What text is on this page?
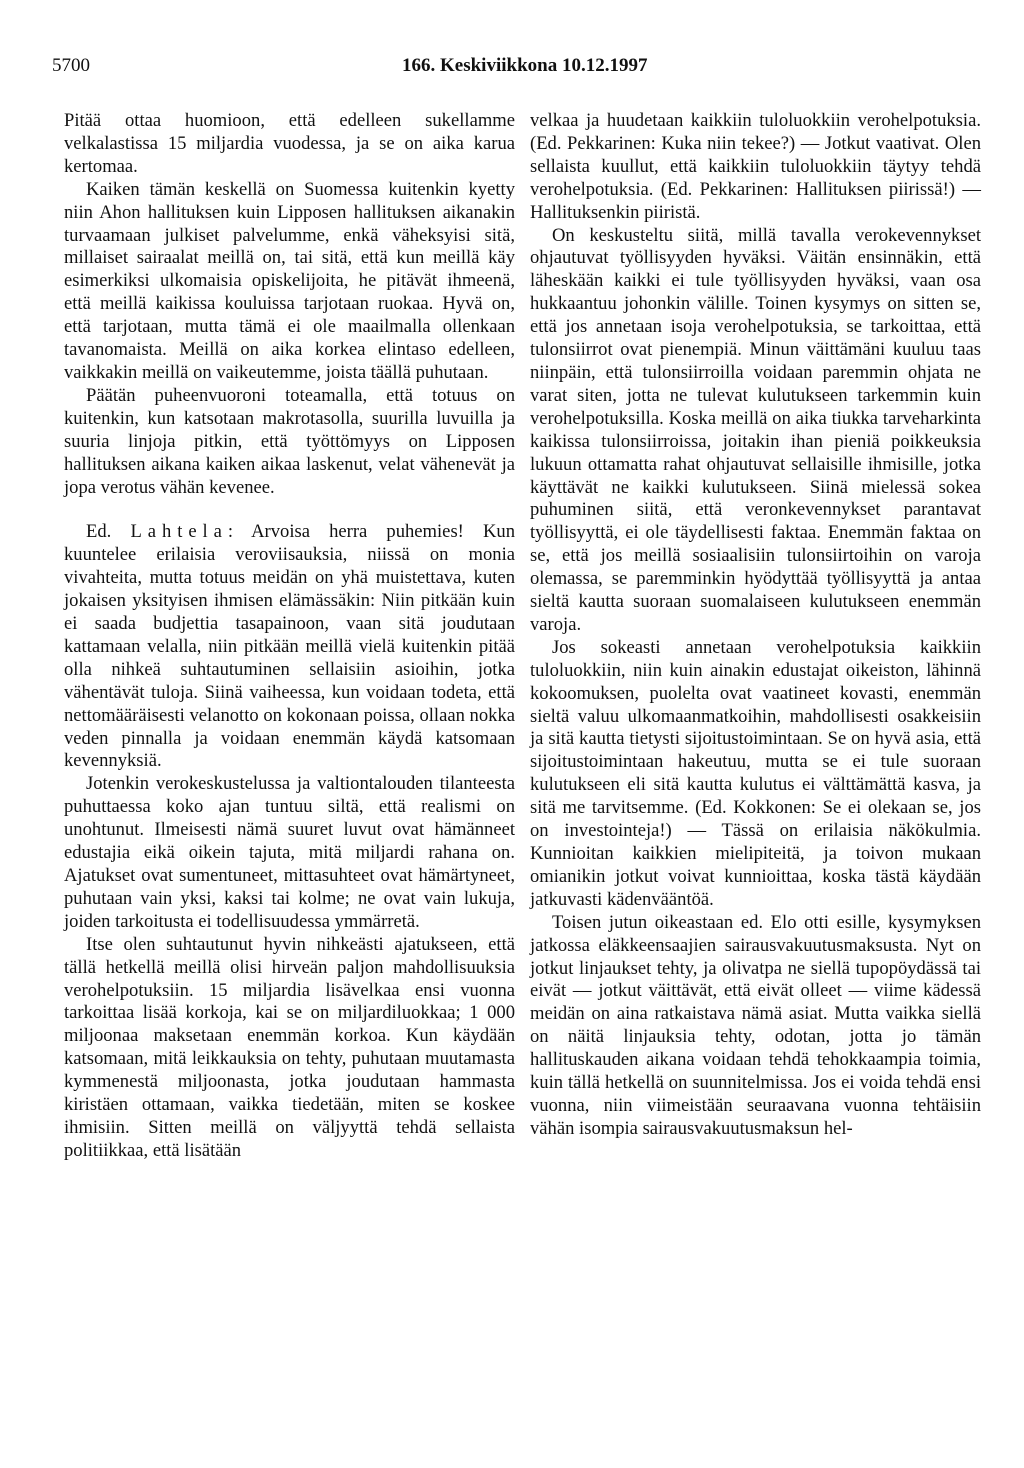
5700	166. Keskiviikkona 10.12.1997

Pitää ottaa huomioon, että edelleen sukellamme velkalastissa 15 miljardia vuodessa, ja se on aika karua kertomaa.

Kaiken tämän keskellä on Suomessa kuitenkin kyetty niin Ahon hallituksen kuin Lipposen hallituksen aikanakin turvaamaan julkiset palvelumme, enkä väheksyisi sitä, millaiset sairaalat meillä on, tai sitä, että kun meillä käy esimerkiksi ulkomaisia opiskelijoita, he pitävät ihmeenä, että meillä kaikissa kouluissa tarjotaan ruokaa. Hyvä on, että tarjotaan, mutta tämä ei ole maailmalla ollenkaan tavanomaista. Meillä on aika korkea elintaso edelleen, vaikkakin meillä on vaikeutemme, joista täällä puhutaan.

Päätän puheenvuoroni toteamalla, että totuus on kuitenkin, kun katsotaan makrotasolla, suurilla luvuilla ja suuria linjoja pitkin, että työttömyys on Lipposen hallituksen aikana kaiken aikaa laskenut, velat vähenevät ja jopa verotus vähän kevenee.

Ed. Lahtela: Arvoisa herra puhemies! Kun kuuntelee erilaisia veroviisauksia, niissä on monia vivahteita, mutta totuus meidän on yhä muistettava, kuten jokaisen yksityisen ihmisen elämässäkin: Niin pitkään kuin ei saada budjettia tasapainoon, vaan sitä joudutaan kattamaan velalla, niin pitkään meillä vielä kuitenkin pitää olla nihkeä suhtautuminen sellaisiin asioihin, jotka vähentävät tuloja. Siinä vaiheessa, kun voidaan todeta, että nettomääräisesti velanotto on kokonaan poissa, ollaan nokka veden pinnalla ja voidaan enemmän käydä katsomaan kevennyksiä.

Jotenkin verokeskustelussa ja valtiontalouden tilanteesta puhuttaessa koko ajan tuntuu siltä, että realismi on unohtunut. Ilmeisesti nämä suuret luvut ovat hämänneet edustajia eikä oikein tajuta, mitä miljardi rahana on. Ajatukset ovat sumentuneet, mittasuhteet ovat hämärtyneet, puhutaan vain yksi, kaksi tai kolme; ne ovat vain lukuja, joiden tarkoitusta ei todellisuudessa ymmärretä.

Itse olen suhtautunut hyvin nihkeästi ajatukseen, että tällä hetkellä meillä olisi hirveän paljon mahdollisuuksia verohelpotuksiin. 15 miljardia lisävelkaa ensi vuonna tarkoittaa lisää korkoja, kai se on miljardiluokkaa; 1 000 miljoonaa maksetaan enemmän korkoa. Kun käydään katsomaan, mitä leikkauksia on tehty, puhutaan muutamasta kymmenestä miljoonasta, jotka joudutaan hammasta kiristäen ottamaan, vaikka tiedetään, miten se koskee ihmisiin. Sitten meillä on väljyyttä tehdä sellaista politiikkaa, että lisätään

velkaa ja huudetaan kaikkiin tuloluokkiin verohelpotuksia. (Ed. Pekkarinen: Kuka niin tekee?) — Jotkut vaativat. Olen sellaista kuullut, että kaikkiin tuloluokkiin täytyy tehdä verohelpotuksia. (Ed. Pekkarinen: Hallituksen piirissä!) — Hallituksenkin piiristä.

On keskusteltu siitä, millä tavalla verokevennykset ohjautuvat työllisyyden hyväksi. Väitän ensinnäkin, että läheskään kaikki ei tule työllisyyden hyväksi, vaan osa hukkaantuu johonkin välille. Toinen kysymys on sitten se, että jos annetaan isoja verohelpotuksia, se tarkoittaa, että tulonsiirrot ovat pienempiä. Minun väittämäni kuuluu taas niinpäin, että tulonsiirroilla voidaan paremmin ohjata ne varat siten, jotta ne tulevat kulutukseen tarkemmin kuin verohelpotuksilla. Koska meillä on aika tiukka tarveharkinta kaikissa tulonsiirroissa, joitakin ihan pieniä poikkeuksia lukuun ottamatta rahat ohjautuvat sellaisille ihmisille, jotka käyttävät ne kaikki kulutukseen. Siinä mielessä sokea puhuminen siitä, että veronkevennykset parantavat työllisyyttä, ei ole täydellisesti faktaa. Enemmän faktaa on se, että jos meillä sosiaalisiin tulonsiirtoihin on varoja olemassa, se paremminkin hyödyttää työllisyyttä ja antaa sieltä kautta suoraan suomalaiseen kulutukseen enemmän varoja.

Jos sokeasti annetaan verohelpotuksia kaikkiin tuloluokkiin, niin kuin ainakin edustajat oikeiston, lähinnä kokoomuksen, puolelta ovat vaatineet kovasti, enemmän sieltä valuu ulkomaanmatkoihin, mahdollisesti osakkeisiin ja sitä kautta tietysti sijoitustoimintaan. Se on hyvä asia, että sijoitustoimintaan hakeutuu, mutta se ei tule suoraan kulutukseen eli sitä kautta kulutus ei välttämättä kasva, ja sitä me tarvitsemme. (Ed. Kokkonen: Se ei olekaan se, jos on investointeja!) — Tässä on erilaisia näkökulmia. Kunnioitan kaikkien mielipiteitä, ja toivon mukaan omianikin jotkut voivat kunnioittaa, koska tästä käydään jatkuvasti kädenvääntöä.

Toisen jutun oikeastaan ed. Elo otti esille, kysymyksen jatkossa eläkkeensaajien sairausvakuutusmaksusta. Nyt on jotkut linjaukset tehty, ja olivatpa ne siellä tupopöydässä tai eivät — jotkut väittävät, että eivät olleet — viime kädessä meidän on aina ratkaistava nämä asiat. Mutta vaikka siellä on näitä linjauksia tehty, odotan, jotta jo tämän hallituskauden aikana voidaan tehdä tehokkaampia toimia, kuin tällä hetkellä on suunnitelmissa. Jos ei voida tehdä ensi vuonna, niin viimeistään seuraavana vuonna tehtäisiin vähän isompia sairausvakuutusmaksun hel-
